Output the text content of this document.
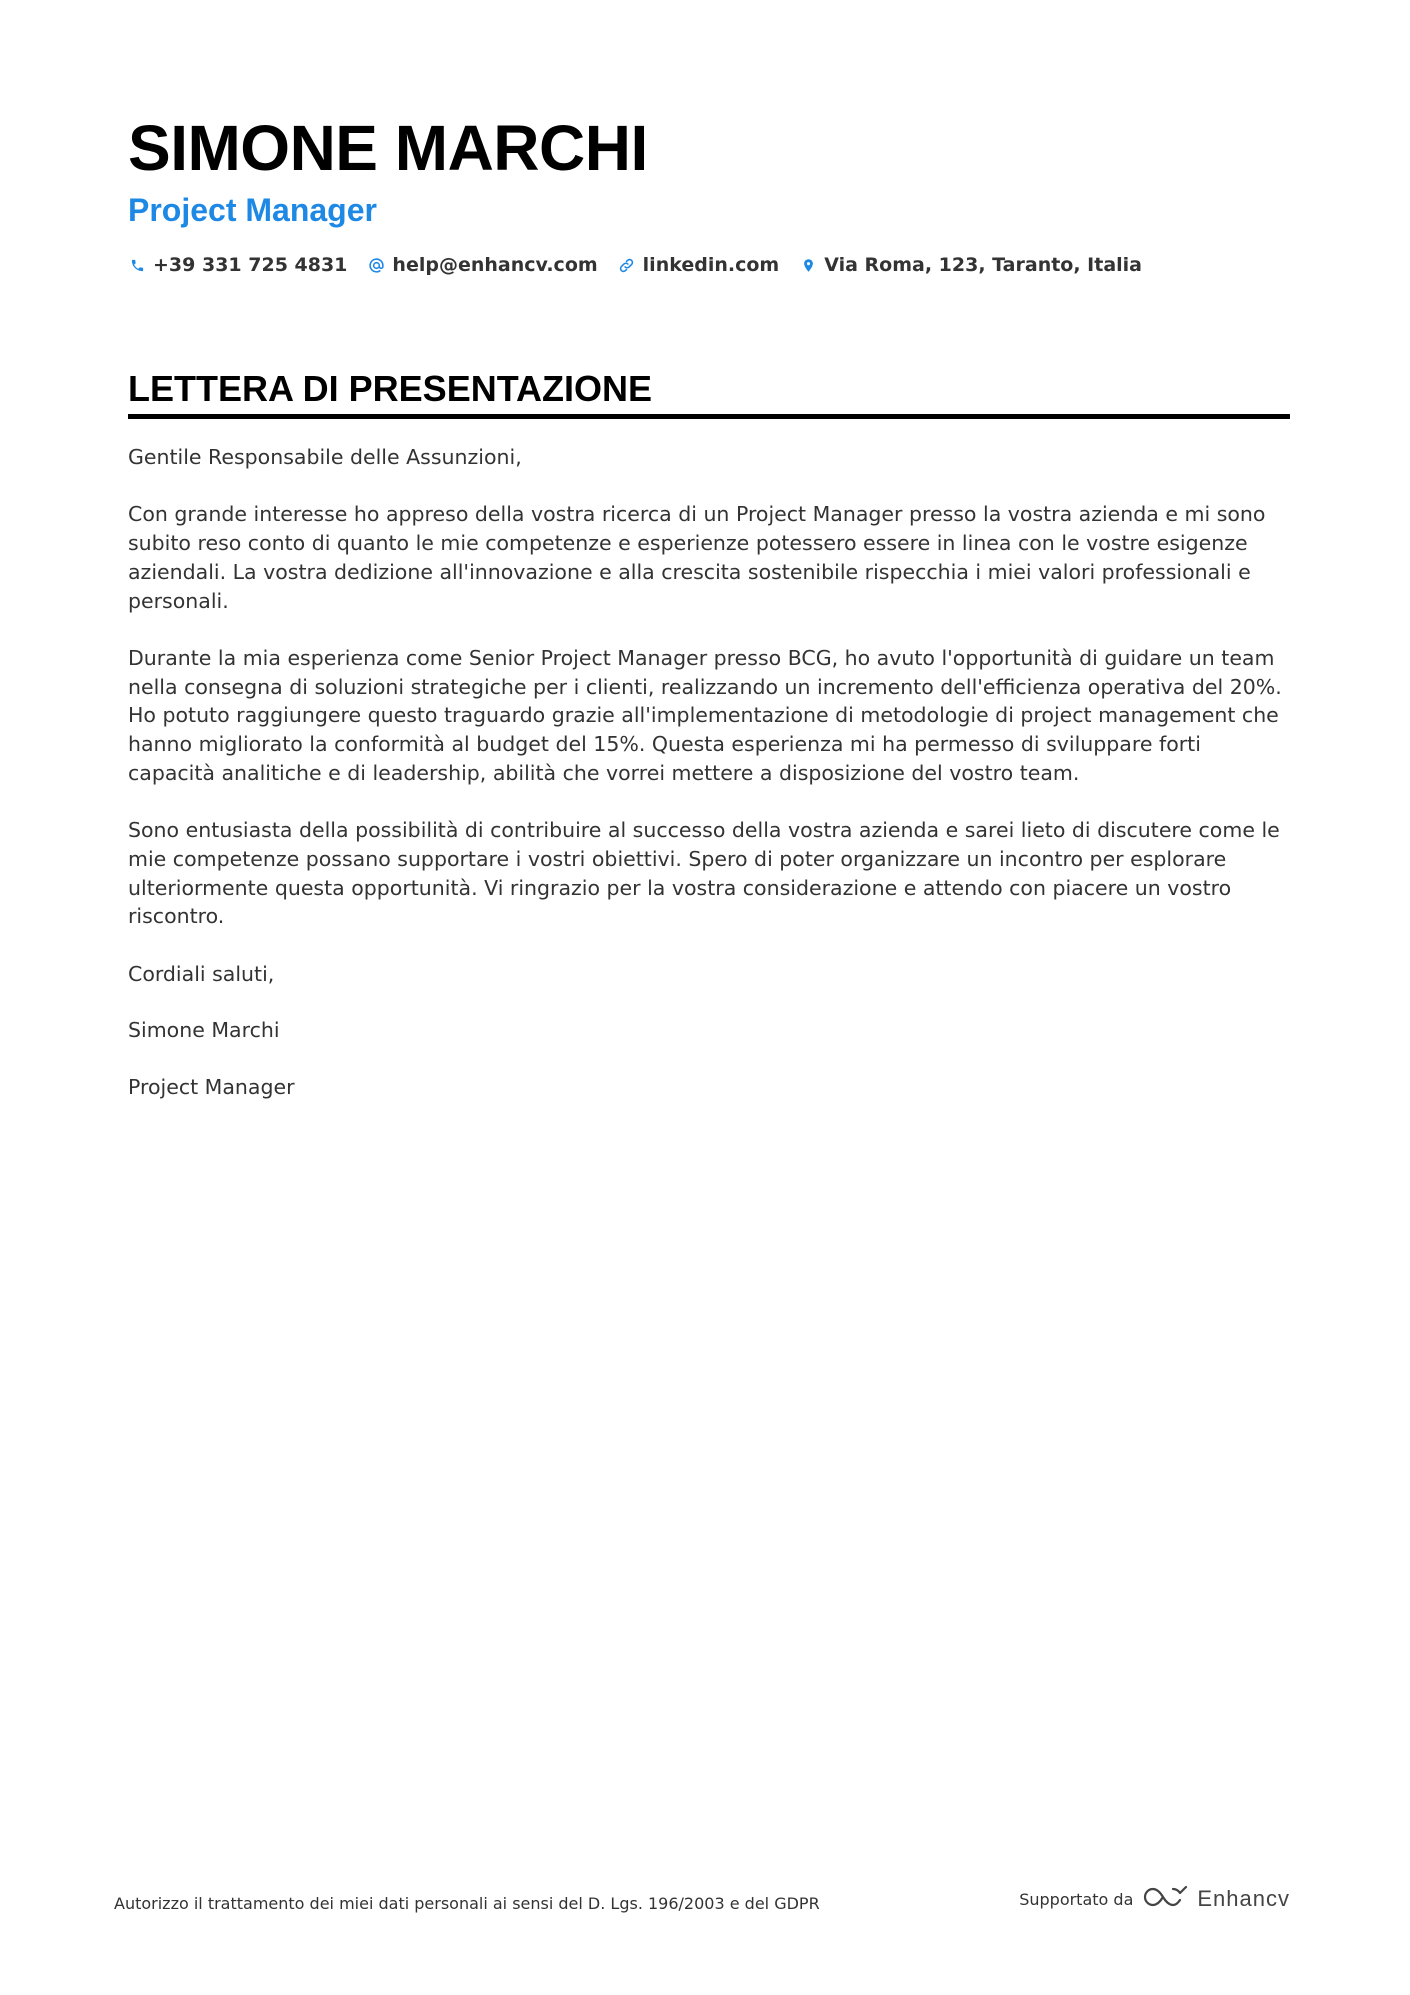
SIMONE MARCHI
Project Manager
+39 331 725 4831 help@enhancv.com linkedin.com Via Roma, 123, Taranto, Italia
LETTERA DI PRESENTAZIONE

Gentile Responsabile delle Assunzioni,

Con grande interesse ho appreso della vostra ricerca di un Project Manager presso la vostra azienda e mi sono subito reso conto di quanto le mie competenze e esperienze potessero essere in linea con le vostre esigenze aziendali. La vostra dedizione all'innovazione e alla crescita sostenibile rispecchia i miei valori professionali e personali.

Durante la mia esperienza come Senior Project Manager presso BCG, ho avuto l'opportunità di guidare un team nella consegna di soluzioni strategiche per i clienti, realizzando un incremento dell'efficienza operativa del 20%. Ho potuto raggiungere questo traguardo grazie all'implementazione di metodologie di project management che hanno migliorato la conformità al budget del 15%. Questa esperienza mi ha permesso di sviluppare forti capacità analitiche e di leadership, abilità che vorrei mettere a disposizione del vostro team.

Sono entusiasta della possibilità di contribuire al successo della vostra azienda e sarei lieto di discutere come le mie competenze possano supportare i vostri obiettivi. Spero di poter organizzare un incontro per esplorare ulteriormente questa opportunità. Vi ringrazio per la vostra considerazione e attendo con piacere un vostro riscontro.

Cordiali saluti,

Simone Marchi

Project Manager

Autorizzo il trattamento dei miei dati personali ai sensi del D. Lgs. 196/2003 e del GDPR	Supportato da	Enhancv
